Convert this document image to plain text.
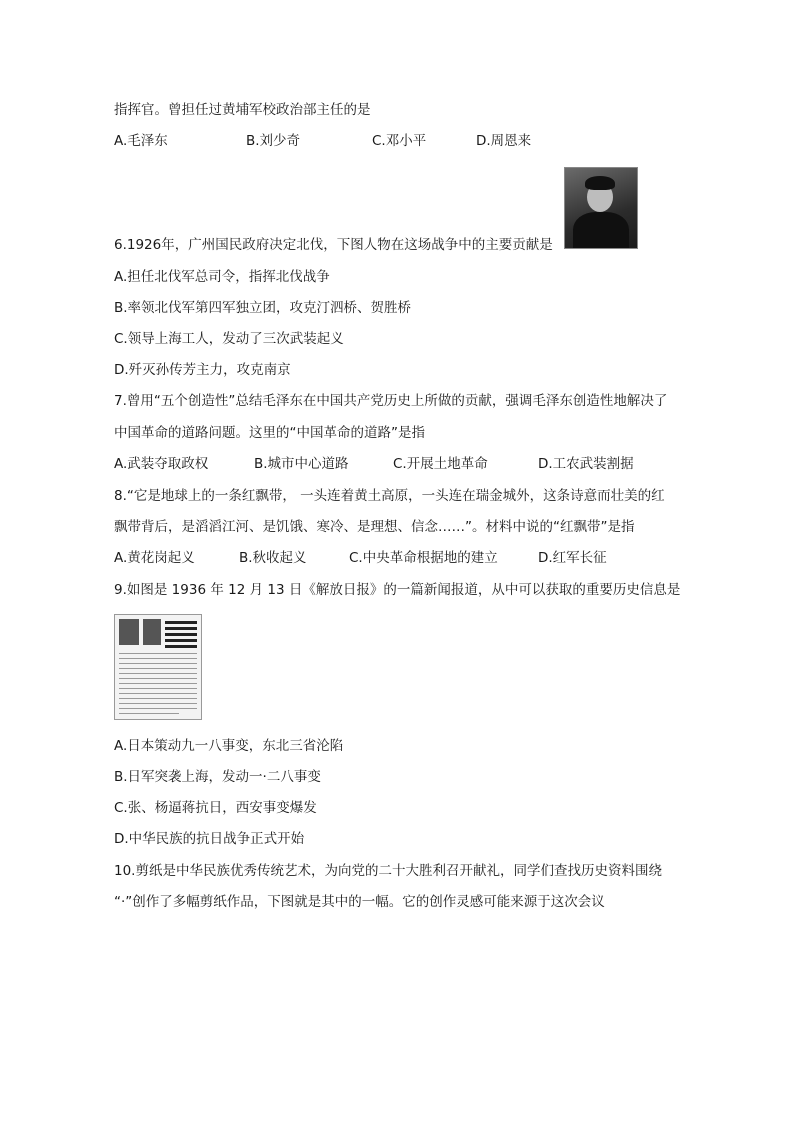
指挥官。曾担任过黄埔军校政治部主任的是
A.毛泽东	B.刘少奇	C.邓小平	D.周恩来
6.1926年，广州国民政府决定北伐，下图人物在这场战争中的主要贡献是
A.担任北伐军总司令，指挥北伐战争
B.率领北伐军第四军独立团，攻克汀泗桥、贺胜桥
C.领导上海工人，发动了三次武装起义
D.歼灭孙传芳主力，攻克南京
7.曾用“五个创造性”总结毛泽东在中国共产党历史上所做的贡献，强调毛泽东创造性地解决了
中国革命的道路问题。这里的“中国革命的道路”是指
A.武装夺取政权	B.城市中心道路	C.开展土地革命	D.工农武装割据
8.“它是地球上的一条红飘带， 一头连着黄土高原，一头连在瑞金城外，这条诗意而壮美的红
飘带背后，是滔滔江河、是饥饿、寒冷、是理想、信念……”。材料中说的“红飘带”是指
A.黄花岗起义	B.秋收起义	C.中央革命根据地的建立	D.红军长征
9.如图是 1936 年 12 月 13 日《解放日报》的一篇新闻报道，从中可以获取的重要历史信息是
A.日本策动九一八事变，东北三省沦陷
B.日军突袭上海，发动一·二八事变
C.张、杨逼蒋抗日，西安事变爆发
D.中华民族的抗日战争正式开始
10.剪纸是中华民族优秀传统艺术，为向党的二十大胜利召开献礼，同学们查找历史资料围绕
“·”创作了多幅剪纸作品，下图就是其中的一幅。它的创作灵感可能来源于这次会议
